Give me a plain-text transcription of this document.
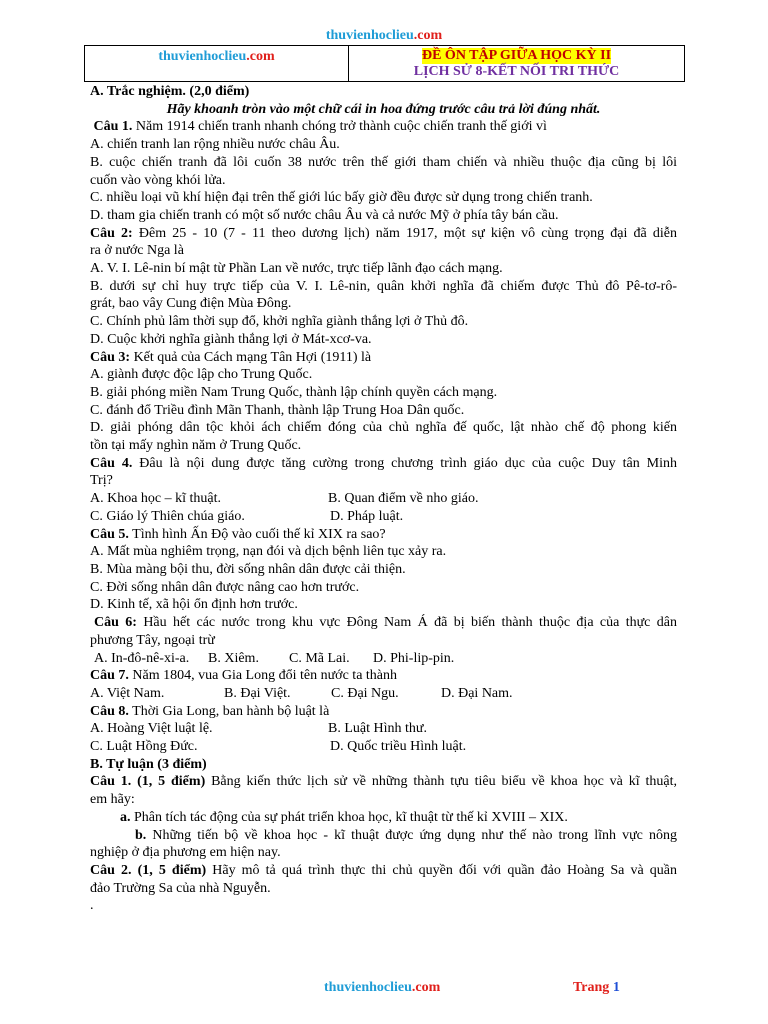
thuvienhoclieu.com
thuvienhoclieu .com	ĐỀ ÔN TẬP GIỮA HỌC KỲ II
LỊCH SỬ 8-KẾT NỐI TRI THỨC
A. Trắc nghiệm. (2,0 điểm)
Hãy khoanh tròn vào một chữ cái in hoa đứng trước câu trả lời đúng nhất.
Câu 1. Năm 1914 chiến tranh nhanh chóng trở thành cuộc chiến tranh thế giới vì
A. chiến tranh lan rộng nhiều nước châu Âu.
B. cuộc chiến tranh đã lôi cuốn 38 nước trên thế giới tham chiến và nhiều thuộc địa cũng bị lôi
cuốn vào vòng khói lửa.
C. nhiều loại vũ khí hiện đại trên thế giới lúc bấy giờ đều được sử dụng trong chiến tranh.
D. tham gia chiến tranh có một số nước châu Âu và cả nước Mỹ ở phía tây bán cầu.
Câu 2: Đêm 25 - 10 (7 - 11 theo dương lịch) năm 1917, một sự kiện vô cùng trọng đại đã diễn
ra ở nước Nga là
A. V. I. Lê-nin bí mật từ Phần Lan về nước, trực tiếp lãnh đạo cách mạng.
B. dưới sự chỉ huy trực tiếp của V. I. Lê-nin, quân khởi nghĩa đã chiếm được Thủ đô Pê-tơ-rô-
grát, bao vây Cung điện Mùa Đông.
C. Chính phủ lâm thời sụp đổ, khởi nghĩa giành thắng lợi ở Thủ đô.
D. Cuộc khởi nghĩa giành thắng lợi ở Mát-xcơ-va.
Câu 3: Kết quả của Cách mạng Tân Hợi (1911) là
A. giành được độc lập cho Trung Quốc.
B. giải phóng miền Nam Trung Quốc, thành lập chính quyền cách mạng.
C. đánh đổ Triều đình Mãn Thanh, thành lập Trung Hoa Dân quốc.
D. giải phóng dân tộc khỏi ách chiếm đóng của chủ nghĩa đế quốc, lật nhào chế độ phong kiến
tồn tại mấy nghìn năm ở Trung Quốc.
Câu 4. Đâu là nội dung được tăng cường trong chương trình giáo dục của cuộc Duy tân Minh
Trị?
A. Khoa học – kĩ thuật.	B. Quan điểm về nho giáo.
C. Giáo lý Thiên chúa giáo.	D. Pháp luật.
Câu 5. Tình hình Ấn Độ vào cuối thế kỉ XIX ra sao?
A. Mất mùa nghiêm trọng, nạn đói và dịch bệnh liên tục xảy ra.
B. Mùa màng bội thu, đời sống nhân dân được cải thiện.
C. Đời sống nhân dân được nâng cao hơn trước.
D. Kinh tế, xã hội ổn định hơn trước.
Câu 6: Hầu hết các nước trong khu vực Đông Nam Á đã bị biến thành thuộc địa của thực dân
phương Tây, ngoại trừ
A. In-đô-nê-xi-a.	B. Xiêm.	C. Mã Lai.	D. Phi-lip-pin.
Câu 7. Năm 1804, vua Gia Long đổi tên nước ta thành
A. Việt Nam.	B. Đại Việt.	C. Đại Ngu.	D. Đại Nam.
Câu 8. Thời Gia Long, ban hành bộ luật là
A. Hoàng Việt luật lệ.	B. Luật Hình thư.
C. Luật Hồng Đức.	D. Quốc triều Hình luật.
B. Tự luận (3 điểm)
Câu 1. (1, 5 điểm) Bằng kiến thức lịch sử về những thành tựu tiêu biểu về khoa học và kĩ thuật,
em hãy:
a. Phân tích tác động của sự phát triển khoa học, kĩ thuật từ thế kỉ XVIII – XIX.
b. Những tiến bộ về khoa học - kĩ thuật được ứng dụng như thế nào trong lĩnh vực nông
nghiệp ở địa phương em hiện nay.
Câu 2. (1, 5 điểm) Hãy mô tả quá trình thực thi chủ quyền đối với quần đảo Hoàng Sa và quần
đảo Trường Sa của nhà Nguyễn.
.
thuvienhoclieu.com	Trang 1
